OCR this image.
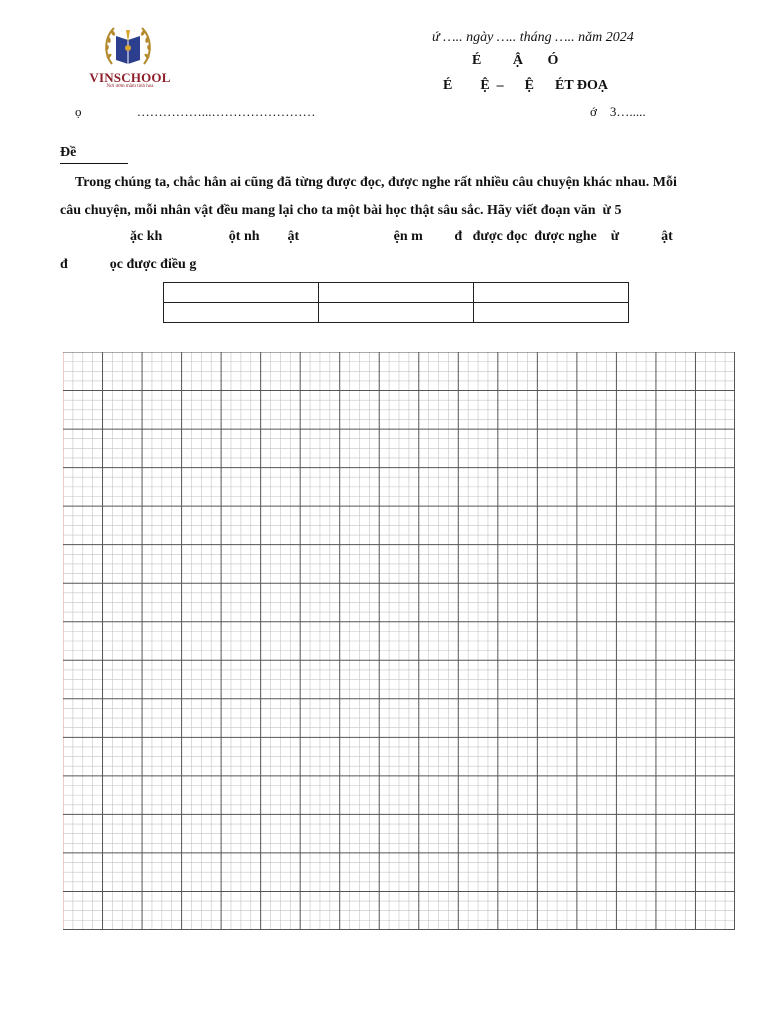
VINSCHOOL
Nơi ươm mầm tinh hoa
ứ ….. ngày ….. tháng ….. năm 2024
É         Ậ       Ó
É        Ệ  –      Ệ      ÉT ĐOẠ
ọ                 ……………...……………………	ớ    3….....
Đề
Trong chúng ta, chắc hẳn ai cũng đã từng được đọc, được nghe rất nhiều câu chuyện khác nhau. Mỗi
câu chuyện, mỗi nhân vật đều mang lại cho ta một bài học thật sâu sắc. Hãy viết đoạn văn  ừ 5
ặc kh                   ột nh        ật                           ện m         đ   được đọc  được nghe    ừ            ật
đ            ọc được điều g
